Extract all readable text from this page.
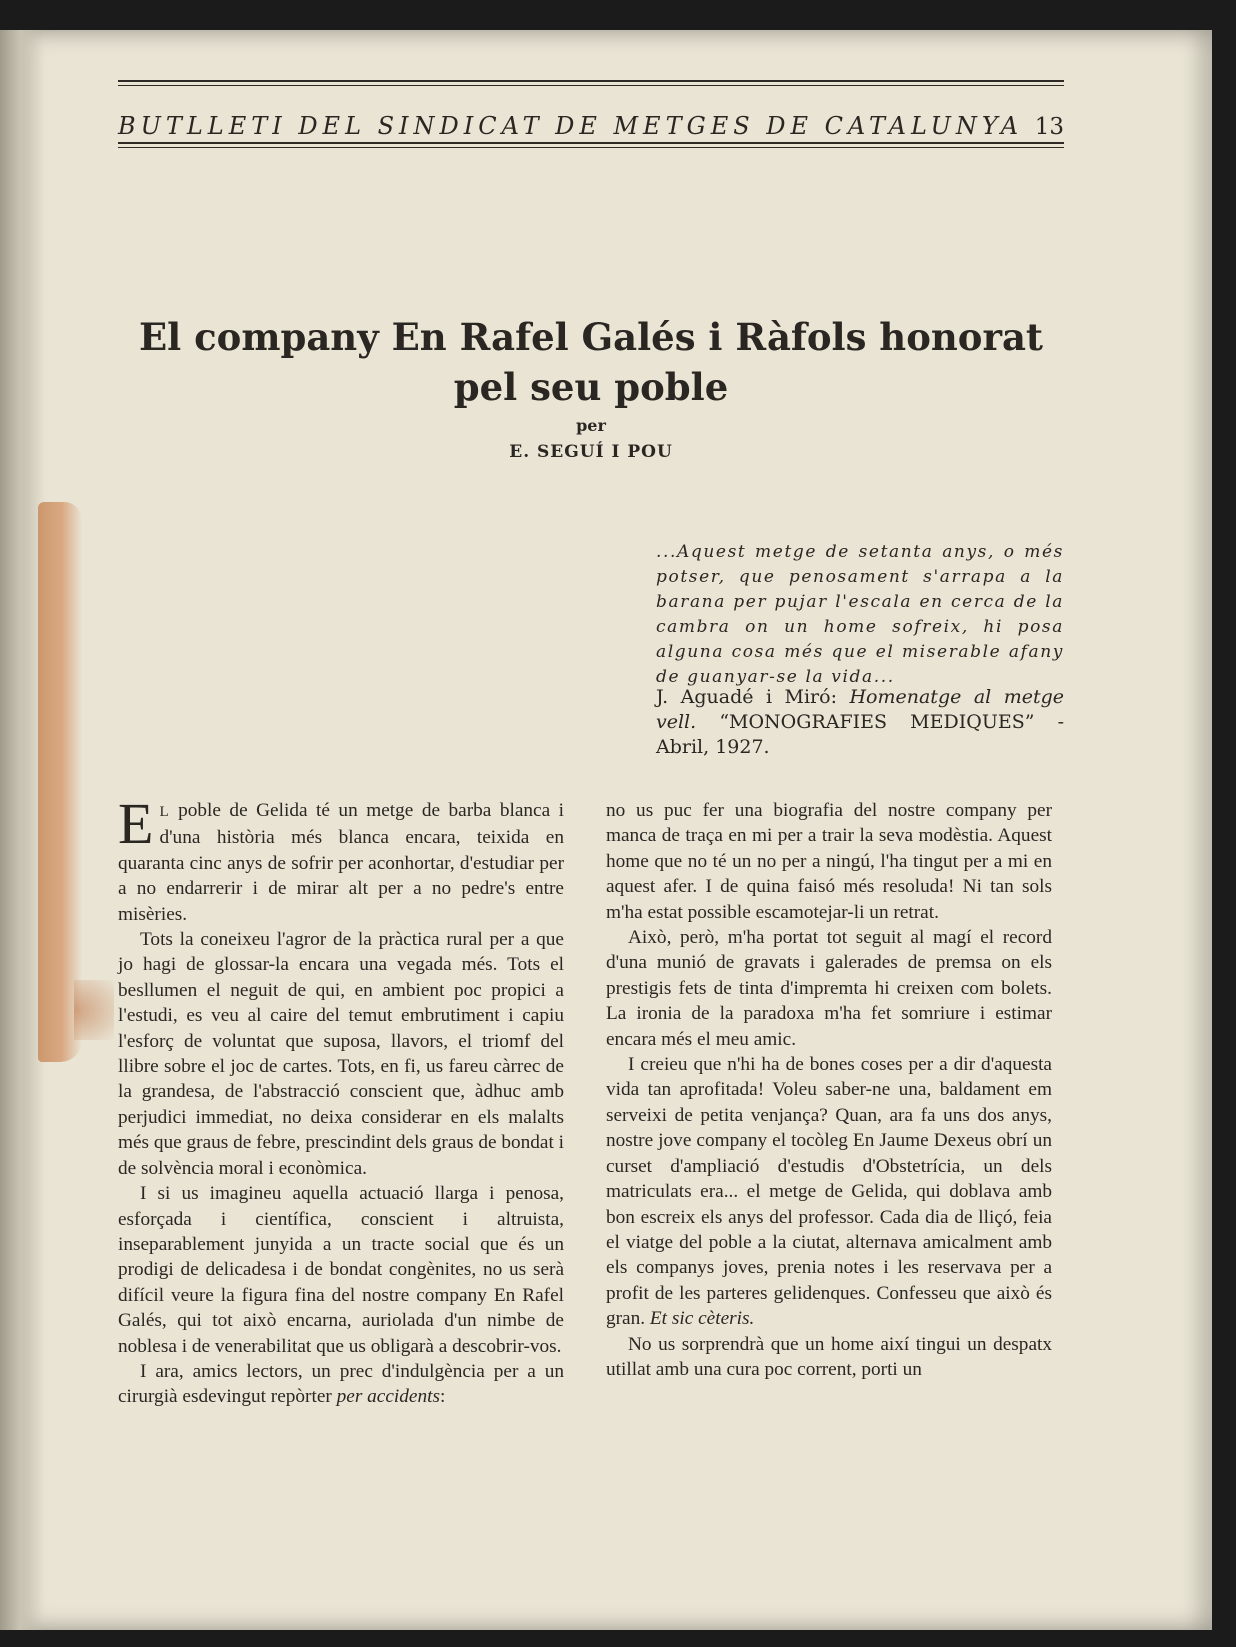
BUTLLETI DEL SINDICAT DE METGES DE CATALUNYA 13
El company En Rafel Galés i Ràfols honorat
pel seu poble
per
E. SEGUÍ I POU
...Aquest metge de setanta anys, o més potser, que penosament s'arrapa a la barana per pujar l'escala en cerca de la cambra on un home sofreix, hi posa alguna cosa més que el miserable afany de guanyar-se la vida...
J. Aguadé i Miró: Homenatge al metge vell. “MONOGRAFIES MEDIQUES” - Abril, 1927.

E L poble de Gelida té un metge de barba blanca i d'una història més blanca encara, teixida en quaranta cinc anys de sofrir per aconhortar, d'estudiar per a no endarrerir i de mirar alt per a no pedre's entre misèries.

Tots la coneixeu l'agror de la pràctica rural per a que jo hagi de glossar-la encara una vegada més. Tots el besllumen el neguit de qui, en ambient poc propici a l'estudi, es veu al caire del temut embrutiment i capiu l'esforç de voluntat que suposa, llavors, el triomf del llibre sobre el joc de cartes. Tots, en fi, us fareu càrrec de la grandesa, de l'abstracció conscient que, àdhuc amb perjudici immediat, no deixa considerar en els malalts més que graus de febre, prescindint dels graus de bondat i de solvència moral i econòmica.

I si us imagineu aquella actuació llarga i penosa, esforçada i científica, conscient i altruista, inseparablement junyida a un tracte social que és un prodigi de delicadesa i de bondat congènites, no us serà difícil veure la figura fina del nostre company En Rafel Galés, qui tot això encarna, auriolada d'un nimbe de noblesa i de venerabilitat que us obligarà a descobrir-vos.

I ara, amics lectors, un prec d'indulgència per a un cirurgià esdevingut repòrter per accidents:

no us puc fer una biografia del nostre company per manca de traça en mi per a trair la seva modèstia. Aquest home que no té un no per a ningú, l'ha tingut per a mi en aquest afer. I de quina faisó més resoluda! Ni tan sols m'ha estat possible escamotejar-li un retrat.

Això, però, m'ha portat tot seguit al magí el record d'una munió de gravats i galerades de premsa on els prestigis fets de tinta d'impremta hi creixen com bolets. La ironia de la paradoxa m'ha fet somriure i estimar encara més el meu amic.

I creieu que n'hi ha de bones coses per a dir d'aquesta vida tan aprofitada! Voleu saber-ne una, baldament em serveixi de petita venjança? Quan, ara fa uns dos anys, nostre jove company el tocòleg En Jaume Dexeus obrí un curset d'ampliació d'estudis d'Obstetrícia, un dels matriculats era... el metge de Gelida, qui doblava amb bon escreix els anys del professor. Cada dia de lliçó, feia el viatge del poble a la ciutat, alternava amicalment amb els companys joves, prenia notes i les reservava per a profit de les parteres gelidenques. Confesseu que això és gran. Et sic cèteris.

No us sorprendrà que un home així tingui un despatx utillat amb una cura poc corrent, porti un
